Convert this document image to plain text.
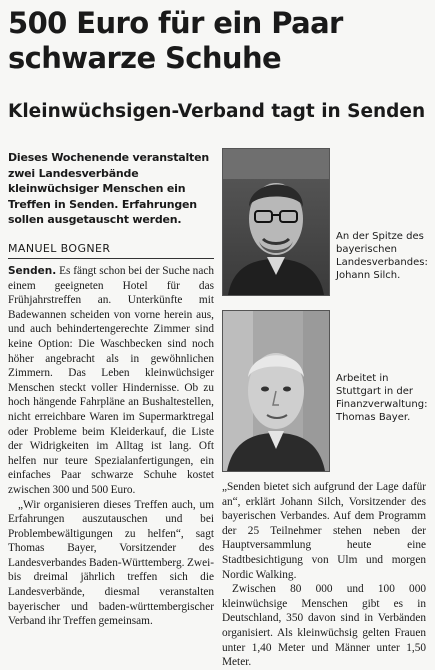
500 Euro für ein Paar schwarze Schuhe
Kleinwüchsigen-Verband tagt in Senden

Dieses Wochenende veranstalten zwei Landesverbände kleinwüchsiger Menschen ein Treffen in Senden. Erfahrungen sollen ausgetauscht werden.

MANUEL BOGNER

An der Spitze des bayerischen Landesverbandes: Johann Silch.

Arbeitet in Stuttgart in der Finanzverwaltung: Thomas Bayer.

Senden. Es fängt schon bei der Suche nach einem geeigneten Hotel für das Frühjahrstreffen an. Unterkünfte mit Badewannen scheiden von vorne herein aus, und auch behindertengerechte Zimmer sind keine Option: Die Waschbecken sind noch höher angebracht als in gewöhnlichen Zimmern. Das Leben kleinwüchsiger Menschen steckt voller Hindernisse. Ob zu hoch hängende Fahrpläne an Bushaltestellen, nicht erreichbare Waren im Supermarktregal oder Probleme beim Kleiderkauf, die Liste der Widrigkeiten im Alltag ist lang. Oft helfen nur teure Spezialanfertigungen, ein einfaches Paar schwarze Schuhe kostet zwischen 300 und 500 Euro.

„Wir organisieren dieses Treffen auch, um Erfahrungen auszutauschen und bei Problembewältigungen zu helfen“, sagt Thomas Bayer, Vorsitzender des Landesverbandes Baden-Württemberg. Zwei- bis dreimal jährlich treffen sich die Landesverbände, diesmal veranstalten bayerischer und baden-württembergischer Verband ihr Treffen gemeinsam.

„Senden bietet sich aufgrund der Lage dafür an“, erklärt Johann Silch, Vorsitzender des bayerischen Verbandes. Auf dem Programm der 25 Teilnehmer stehen neben der Hauptversammlung heute eine Stadtbesichtigung von Ulm und morgen Nordic Walking.

Zwischen 80 000 und 100 000 kleinwüchsige Menschen gibt es in Deutschland, 350 davon sind in Verbänden organisiert. Als kleinwüchsig gelten Frauen unter 1,40 Meter und Männer unter 1,50 Meter.
